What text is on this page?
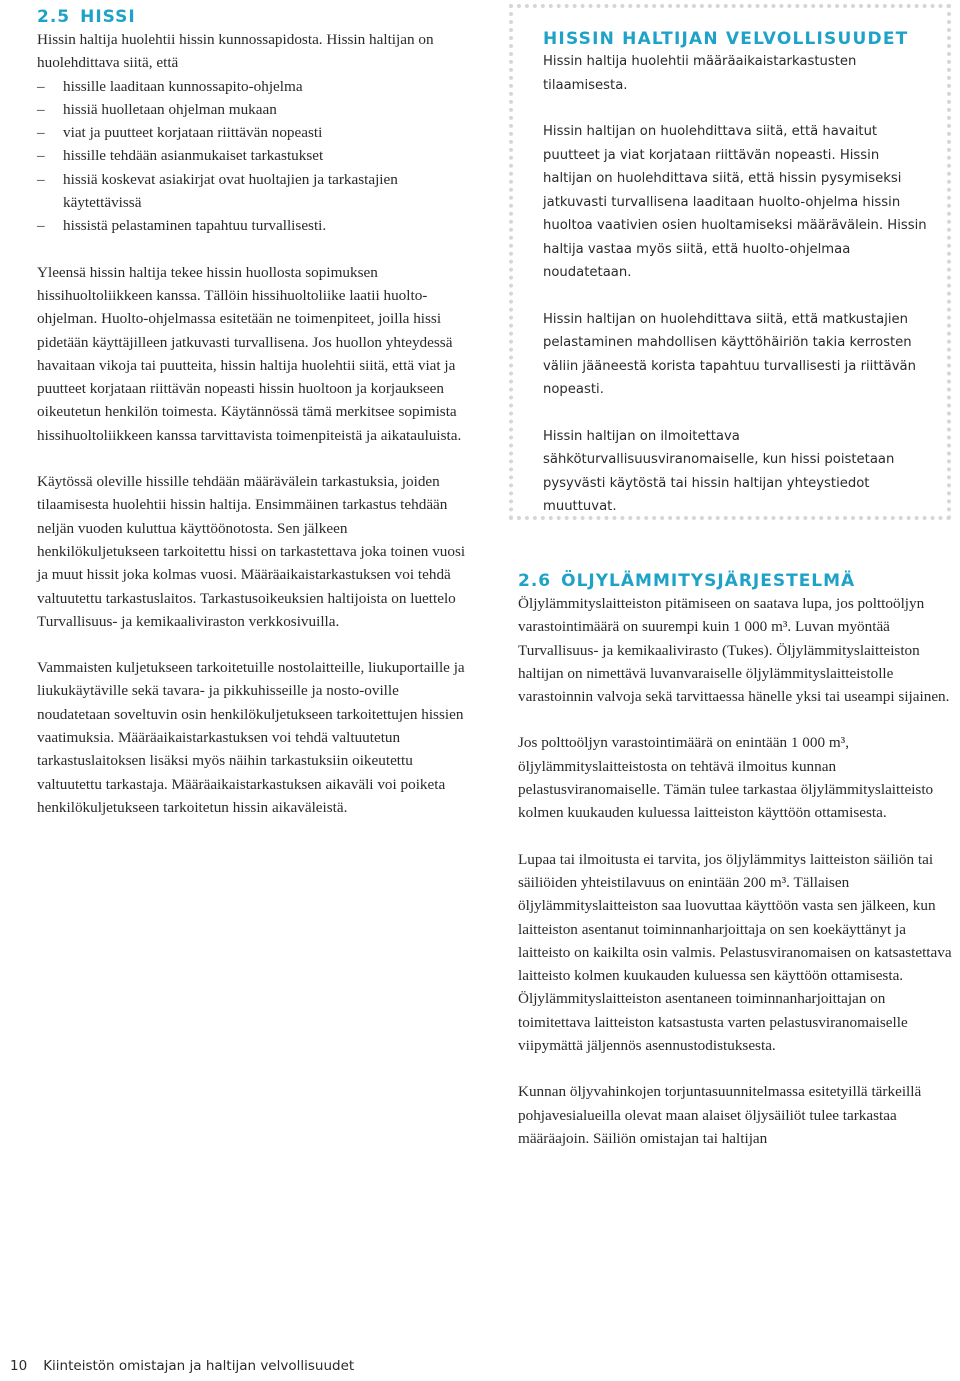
2.5 HISSI

Hissin haltija huolehtii hissin kunnossapidosta. Hissin haltijan on huolehdittava siitä, että

– hissille laaditaan kunnossapito-ohjelma
– hissiä huolletaan ohjelman mukaan
– viat ja puutteet korjataan riittävän nopeasti
– hissille tehdään asianmukaiset tarkastukset
– hissiä koskevat asiakirjat ovat huoltajien ja tarkastajien käytettävissä
– hissistä pelastaminen tapahtuu turvallisesti.

Yleensä hissin haltija tekee hissin huollosta sopimuksen hissihuoltoliikkeen kanssa. Tällöin hissihuoltoliike laatii huolto-ohjelman. Huolto-ohjelmassa esitetään ne toimenpiteet, joilla hissi pidetään käyttäjilleen jatkuvasti turvallisena. Jos huollon yhteydessä havaitaan vikoja tai puutteita, hissin haltija huolehtii siitä, että viat ja puutteet korjataan riittävän nopeasti hissin huoltoon ja korjaukseen oikeutetun henkilön toimesta. Käytännössä tämä merkitsee sopimista hissihuoltoliikkeen kanssa tarvittavista toimenpiteistä ja aikatauluista.

Käytössä oleville hissille tehdään määrävälein tarkastuksia, joiden tilaamisesta huolehtii hissin haltija. Ensimmäinen tarkastus tehdään neljän vuoden kuluttua käyttöönotosta. Sen jälkeen henkilökuljetukseen tarkoitettu hissi on tarkastettava joka toinen vuosi ja muut hissit joka kolmas vuosi. Määräaikaistarkastuksen voi tehdä valtuutettu tarkastuslaitos. Tarkastusoikeuksien haltijoista on luettelo Turvallisuus- ja kemikaaliviraston verkkosivuilla.

Vammaisten kuljetukseen tarkoitetuille nostolaitteille, liukuportaille ja liukukäytäville sekä tavara- ja pikkuhisseille ja nosto-oville noudatetaan soveltuvin osin henkilökuljetukseen tarkoitettujen hissien vaatimuksia. Määräaikaistarkastuksen voi tehdä valtuutetun tarkastuslaitoksen lisäksi myös näihin tarkastuksiin oikeutettu valtuutettu tarkastaja. Määräaikaistarkastuksen aikaväli voi poiketa henkilökuljetukseen tarkoitetun hissin aikaväleistä.

HISSIN HALTIJAN VELVOLLISUUDET

Hissin haltija huolehtii määräaikaistarkastusten tilaamisesta.

Hissin haltijan on huolehdittava siitä, että havaitut puutteet ja viat korjataan riittävän nopeasti. Hissin haltijan on huolehdittava siitä, että hissin pysymiseksi jatkuvasti turvallisena laaditaan huolto-ohjelma hissin huoltoa vaativien osien huoltamiseksi määrävälein. Hissin haltija vastaa myös siitä, että huolto-ohjelmaa noudatetaan.

Hissin haltijan on huolehdittava siitä, että matkustajien pelastaminen mahdollisen käyttöhäiriön takia kerrosten väliin jääneestä korista tapahtuu turvallisesti ja riittävän nopeasti.

Hissin haltijan on ilmoitettava sähköturvallisuusviranomaiselle, kun hissi poistetaan pysyvästi käytöstä tai hissin haltijan yhteystiedot muuttuvat.

2.6 ÖLJYLÄMMITYSJÄRJESTELMÄ

Öljylämmityslaitteiston pitämiseen on saatava lupa, jos polttoöljyn varastointimäärä on suurempi kuin 1 000 m³. Luvan myöntää Turvallisuus- ja kemikaalivirasto (Tukes). Öljylämmityslaitteiston haltijan on nimettävä luvanvaraiselle öljylämmityslaitteistolle varastoinnin valvoja sekä tarvittaessa hänelle yksi tai useampi sijainen.

Jos polttoöljyn varastointimäärä on enintään 1 000 m³, öljylämmityslaitteistosta on tehtävä ilmoitus kunnan pelastusviranomaiselle. Tämän tulee tarkastaa öljylämmityslaitteisto kolmen kuukauden kuluessa laitteiston käyttöön ottamisesta.

Lupaa tai ilmoitusta ei tarvita, jos öljylämmitys laitteiston säiliön tai säiliöiden yhteistilavuus on enintään 200 m³. Tällaisen öljylämmityslaitteiston saa luovuttaa käyttöön vasta sen jälkeen, kun laitteiston asentanut toiminnanharjoittaja on sen koekäyttänyt ja laitteisto on kaikilta osin valmis. Pelastusviranomaisen on katsastettava laitteisto kolmen kuukauden kuluessa sen käyttöön ottamisesta. Öljylämmityslaitteiston asentaneen toiminnanharjoittajan on toimitettava laitteiston katsastusta varten pelastusviranomaiselle viipymättä jäljennös asennustodistuksesta.

Kunnan öljyvahinkojen torjuntasuunnitelmassa esitetyillä tärkeillä pohjavesialueilla olevat maan alaiset öljysäiliöt tulee tarkastaa määräajoin. Säiliön omistajan tai haltijan

10 Kiinteistön omistajan ja haltijan velvollisuudet
